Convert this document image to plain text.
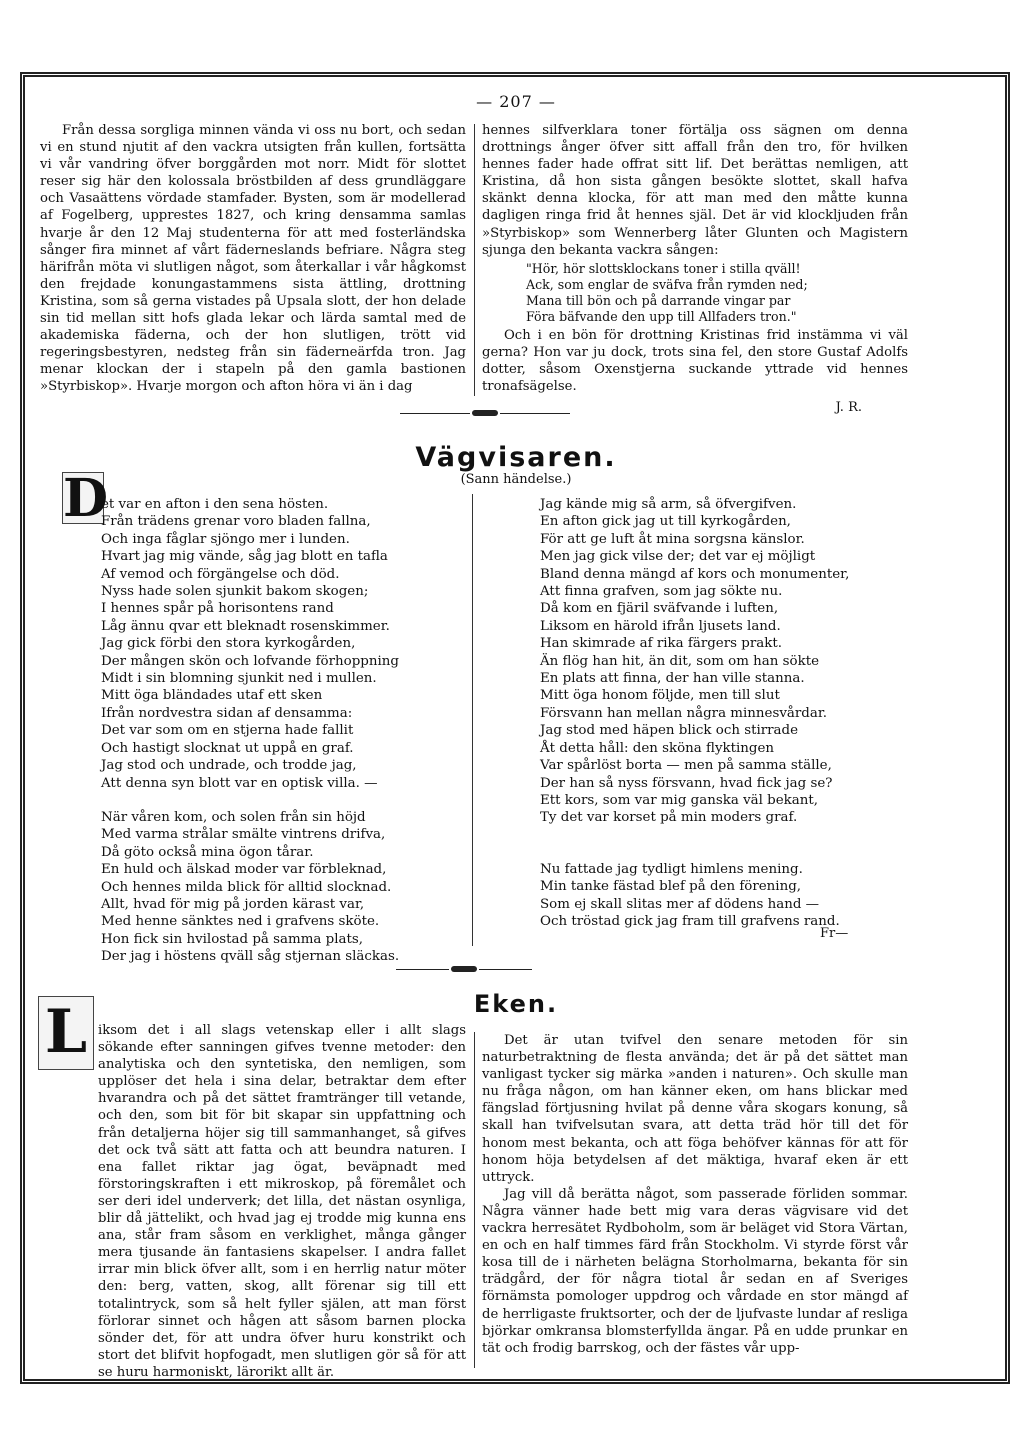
— 207 —

Från dessa sorgliga minnen vända vi oss nu bort, och sedan vi en stund njutit af den vackra utsigten från kullen, fortsätta vi vår vandring öfver borggården mot norr. Midt för slottet reser sig här den kolossala bröstbilden af dess grundläggare och Vasaättens vördade stamfader. Bysten, som är modellerad af Fogelberg, upprestes 1827, och kring densamma samlas hvarje år den 12 Maj studenterna för att med fosterländska sånger fira minnet af vårt fäderneslands befriare. Några steg härifrån möta vi slutligen något, som återkallar i vår hågkomst den frejdade konungastammens sista ättling, drottning Kristina, som så gerna vistades på Upsala slott, der hon delade sin tid mellan sitt hofs glada lekar och lärda samtal med de akademiska fäderna, och der hon slutligen, trött vid regeringsbestyren, nedsteg från sin fäderneärfda tron. Jag menar klockan der i stapeln på den gamla bastionen »Styrbiskop». Hvarje morgon och afton höra vi än i dag

hennes silfverklara toner förtälja oss sägnen om denna drottnings ånger öfver sitt affall från den tro, för hvilken hennes fader hade offrat sitt lif. Det berättas nemligen, att Kristina, då hon sista gången besökte slottet, skall hafva skänkt denna klocka, för att man med den måtte kunna dagligen ringa frid åt hennes själ. Det är vid klockljuden från »Styrbiskop» som Wennerberg låter Glunten och Magistern sjunga den bekanta vackra sången:

"Hör, hör slottsklockans toner i stilla qväll!
Ack, som englar de sväfva från rymden ned;
Mana till bön och på darrande vingar par
Föra bäfvande den upp till Allfaders tron."

Och i en bön för drottning Kristinas frid instämma vi väl gerna? Hon var ju dock, trots sina fel, den store Gustaf Adolfs dotter, såsom Oxenstjerna suckande yttrade vid hennes tronafsägelse.

J. R.
Vägvisaren.
(Sann händelse.)
D
et var en afton i den sena hösten.
Från trädens grenar voro bladen fallna,
Och inga fåglar sjöngo mer i lunden.
Hvart jag mig vände, såg jag blott en tafla
Af vemod och förgängelse och död.
Nyss hade solen sjunkit bakom skogen;
I hennes spår på horisontens rand
Låg ännu qvar ett bleknadt rosenskimmer.
Jag gick förbi den stora kyrkogården,
Der mången skön och lofvande förhoppning
Midt i sin blomning sjunkit ned i mullen.
Mitt öga bländades utaf ett sken
Ifrån nordvestra sidan af densamma:
Det var som om en stjerna hade fallit
Och hastigt slocknat ut uppå en graf.
Jag stod och undrade, och trodde jag,
Att denna syn blott var en optisk villa. —
När våren kom, och solen från sin höjd
Med varma strålar smälte vintrens drifva,
Då göto också mina ögon tårar.
En huld och älskad moder var förbleknad,
Och hennes milda blick för alltid slocknad.
Allt, hvad för mig på jorden kärast var,
Med henne sänktes ned i grafvens sköte.
Hon fick sin hvilostad på samma plats,
Der jag i höstens qväll såg stjernan släckas.
Jag kände mig så arm, så öfvergifven.
En afton gick jag ut till kyrkogården,
För att ge luft åt mina sorgsna känslor.
Men jag gick vilse der; det var ej möjligt
Bland denna mängd af kors och monumenter,
Att finna grafven, som jag sökte nu.
Då kom en fjäril sväfvande i luften,
Liksom en härold ifrån ljusets land.
Han skimrade af rika färgers prakt.
Än flög han hit, än dit, som om han sökte
En plats att finna, der han ville stanna.
Mitt öga honom följde, men till slut
Försvann han mellan några minnesvårdar.
Jag stod med häpen blick och stirrade
Åt detta håll: den sköna flyktingen
Var spårlöst borta — men på samma ställe,
Der han så nyss försvann, hvad fick jag se?
Ett kors, som var mig ganska väl bekant,
Ty det var korset på min moders graf.
Nu fattade jag tydligt himlens mening.
Min tanke fästad blef på den förening,
Som ej skall slitas mer af dödens hand —
Och tröstad gick jag fram till grafvens rand.
Fr—
Eken.
L iksom det i all slags vetenskap eller i allt slags sökande efter sanningen gifves tvenne metoder: den analytiska och den syntetiska, den nemligen, som upplöser det hela i sina delar, betraktar dem efter hvarandra och på det sättet framtränger till vetande, och den, som bit för bit skapar sin uppfattning och från detaljerna höjer sig till sammanhanget, så gifves det ock två sätt att fatta och att beundra naturen. I ena fallet riktar jag ögat, beväpnadt med förstoringskraften i ett mikroskop, på föremålet och ser deri idel underverk; det lilla, det nästan osynliga, blir då jättelikt, och hvad jag ej trodde mig kunna ens ana, står fram såsom en verklighet, många gånger mera tjusande än fantasiens skapelser. I andra fallet irrar min blick öfver allt, som i en herrlig natur möter den: berg, vatten, skog, allt förenar sig till ett totalintryck, som så helt fyller själen, att man först förlorar sinnet och hågen att såsom barnen plocka sönder det, för att undra öfver huru konstrikt och stort det blifvit hopfogadt, men slutligen gör så för att se huru harmoniskt, lärorikt allt är.

Det är utan tvifvel den senare metoden för sin naturbetraktning de flesta använda; det är på det sättet man vanligast tycker sig märka »anden i naturen». Och skulle man nu fråga någon, om han känner eken, om hans blickar med fängslad förtjusning hvilat på denne våra skogars konung, så skall han tvifvelsutan svara, att detta träd hör till det för honom mest bekanta, och att föga behöfver kännas för att för honom höja betydelsen af det mäktiga, hvaraf eken är ett uttryck.

Jag vill då berätta något, som passerade förliden sommar. Några vänner hade bett mig vara deras vägvisare vid det vackra herresätet Rydboholm, som är beläget vid Stora Värtan, en och en half timmes färd från Stockholm. Vi styrde först vår kosa till de i närheten belägna Storholmarna, bekanta för sin trädgård, der för några tiotal år sedan en af Sveriges förnämsta pomologer uppdrog och vårdade en stor mängd af de herrligaste fruktsorter, och der de ljufvaste lundar af resliga björkar omkransa blomsterfyllda ängar. På en udde prunkar en tät och frodig barrskog, och der fästes vår upp-
